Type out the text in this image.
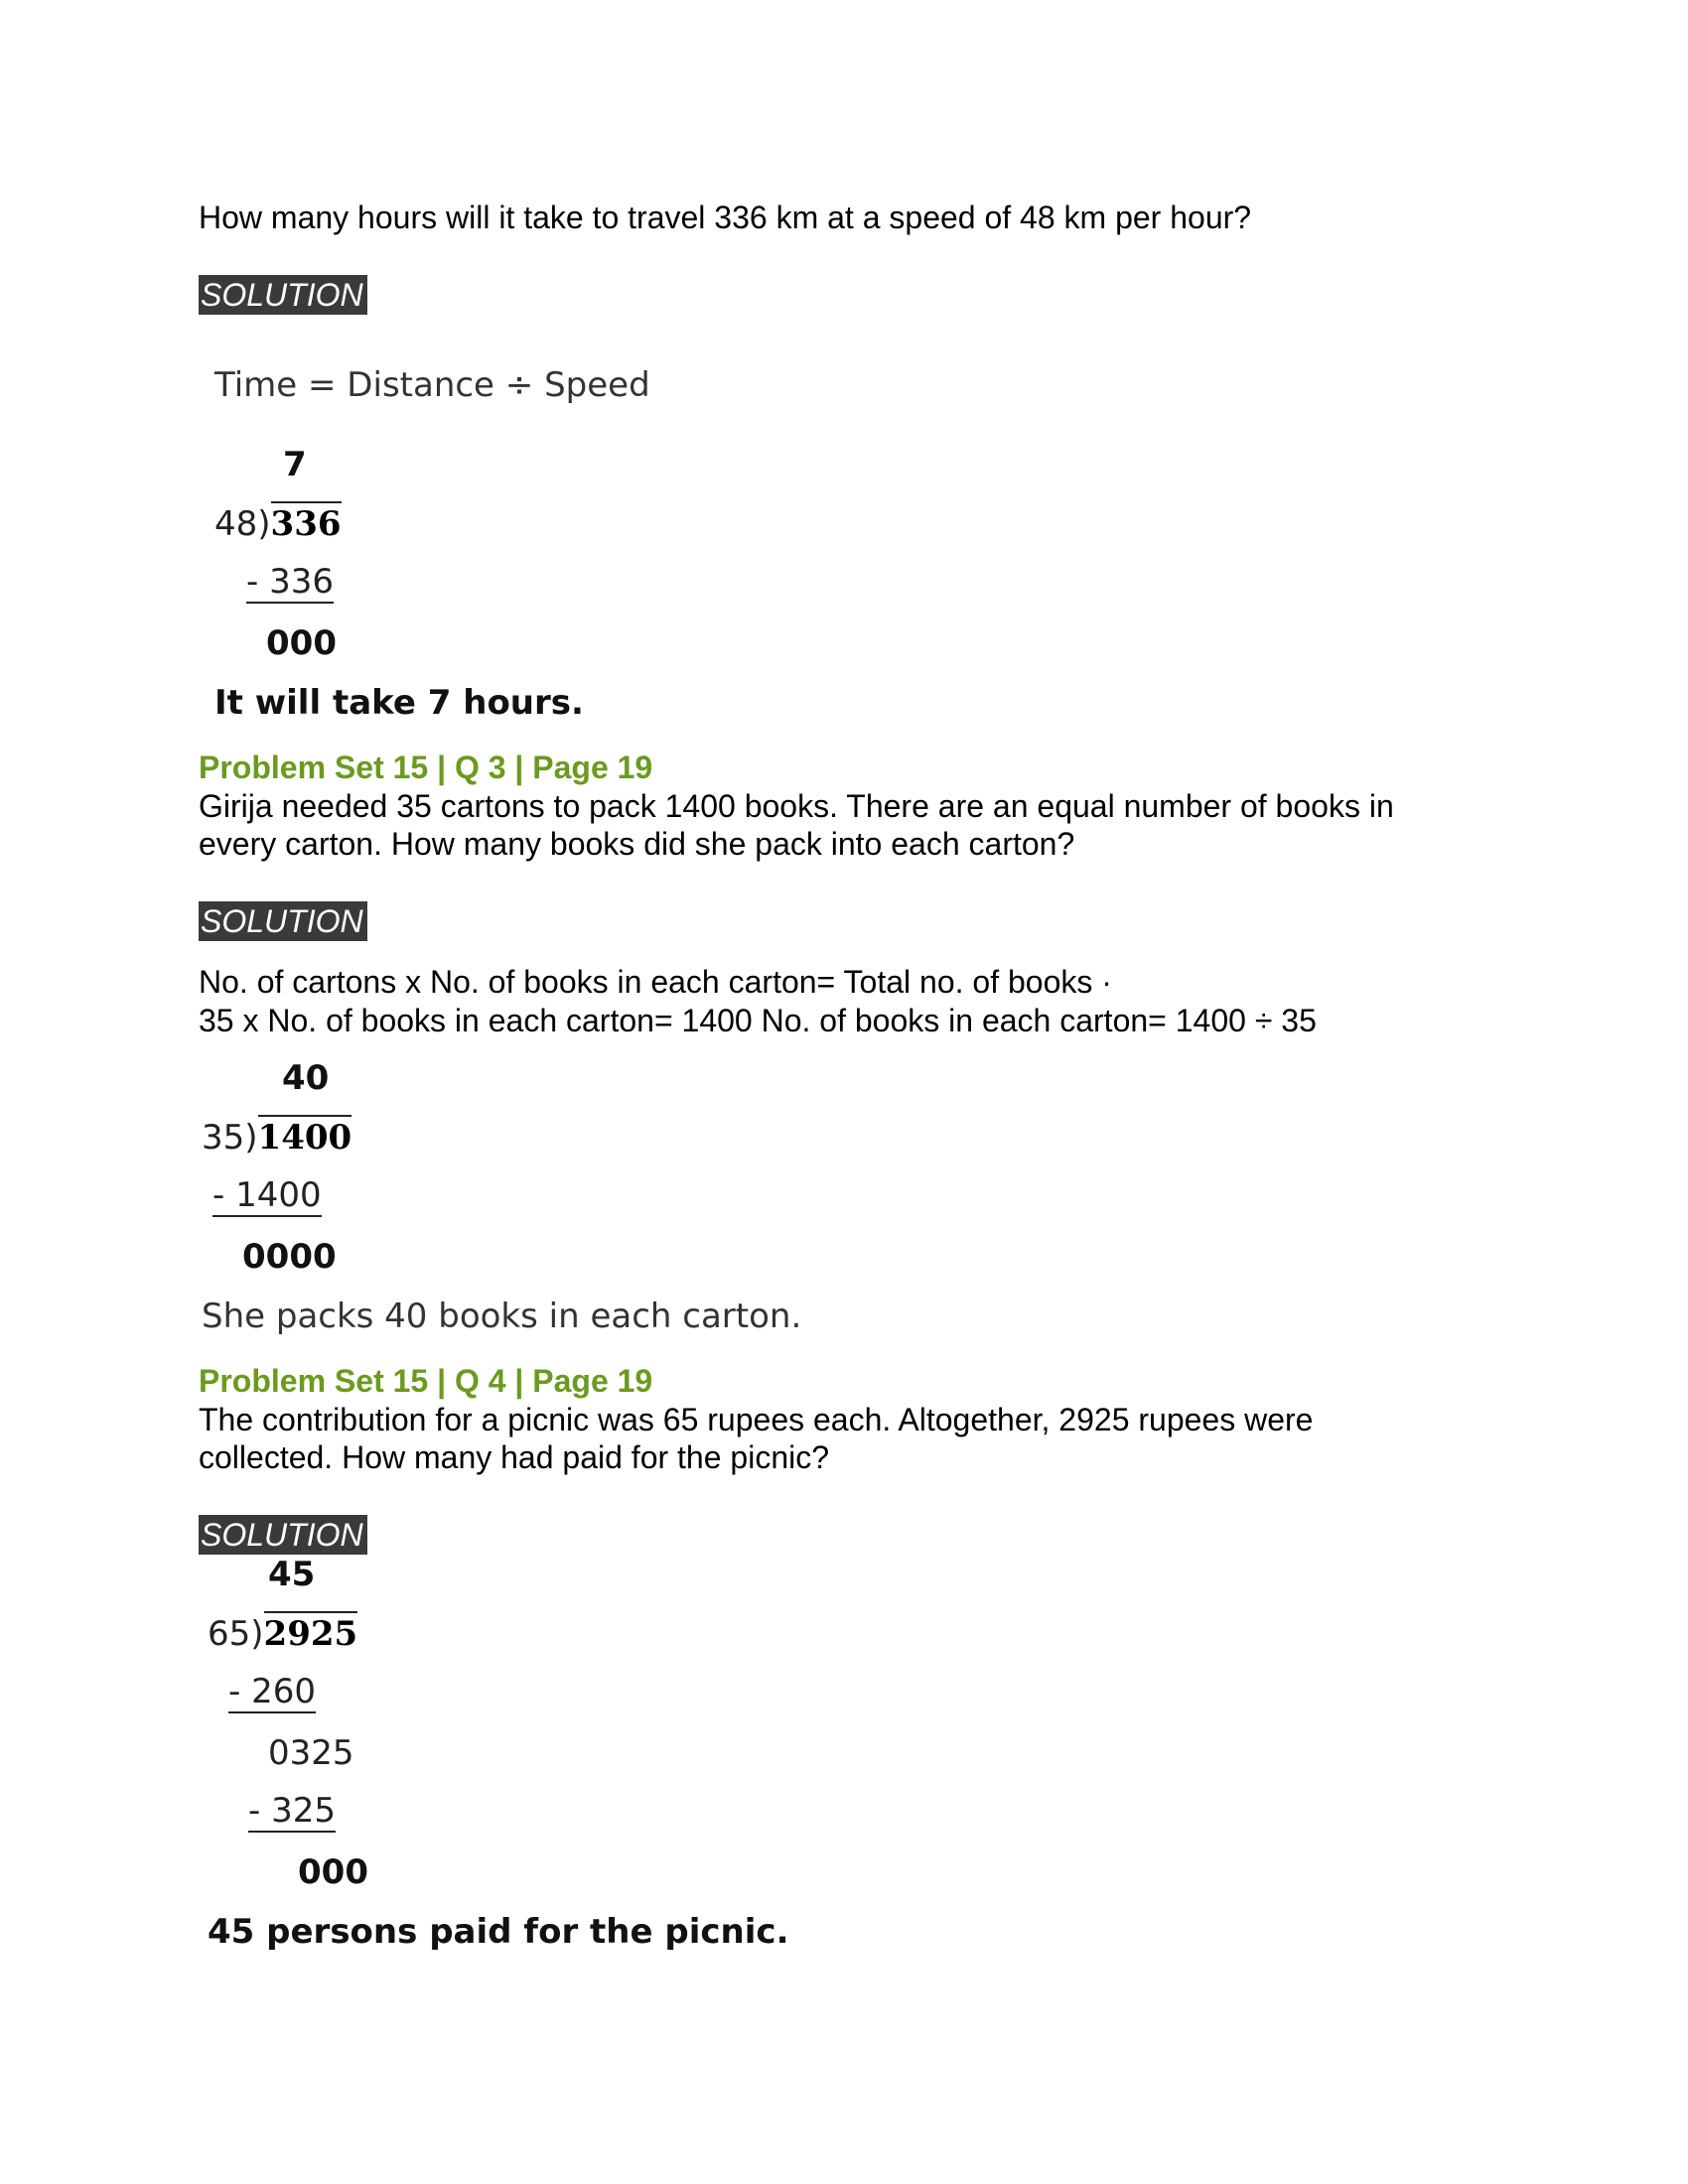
How many hours will it take to travel 336 km at a speed of 48 km per hour?
SOLUTION
Time = Distance ÷ Speed
7
48)336
- 336
000
It will take 7 hours.
Problem Set 15 | Q 3 | Page 19
Girija needed 35 cartons to pack 1400 books. There are an equal number of books in
every carton. How many books did she pack into each carton?
SOLUTION
No. of cartons x No. of books in each carton= Total no. of books ·
35 x No. of books in each carton= 1400 No. of books in each carton= 1400 ÷ 35
40
35)1400
- 1400
0000
She packs 40 books in each carton.
Problem Set 15 | Q 4 | Page 19
The contribution for a picnic was 65 rupees each. Altogether, 2925 rupees were
collected. How many had paid for the picnic?
SOLUTION
45
65)2925
- 260
0325
- 325
000
45 persons paid for the picnic.
